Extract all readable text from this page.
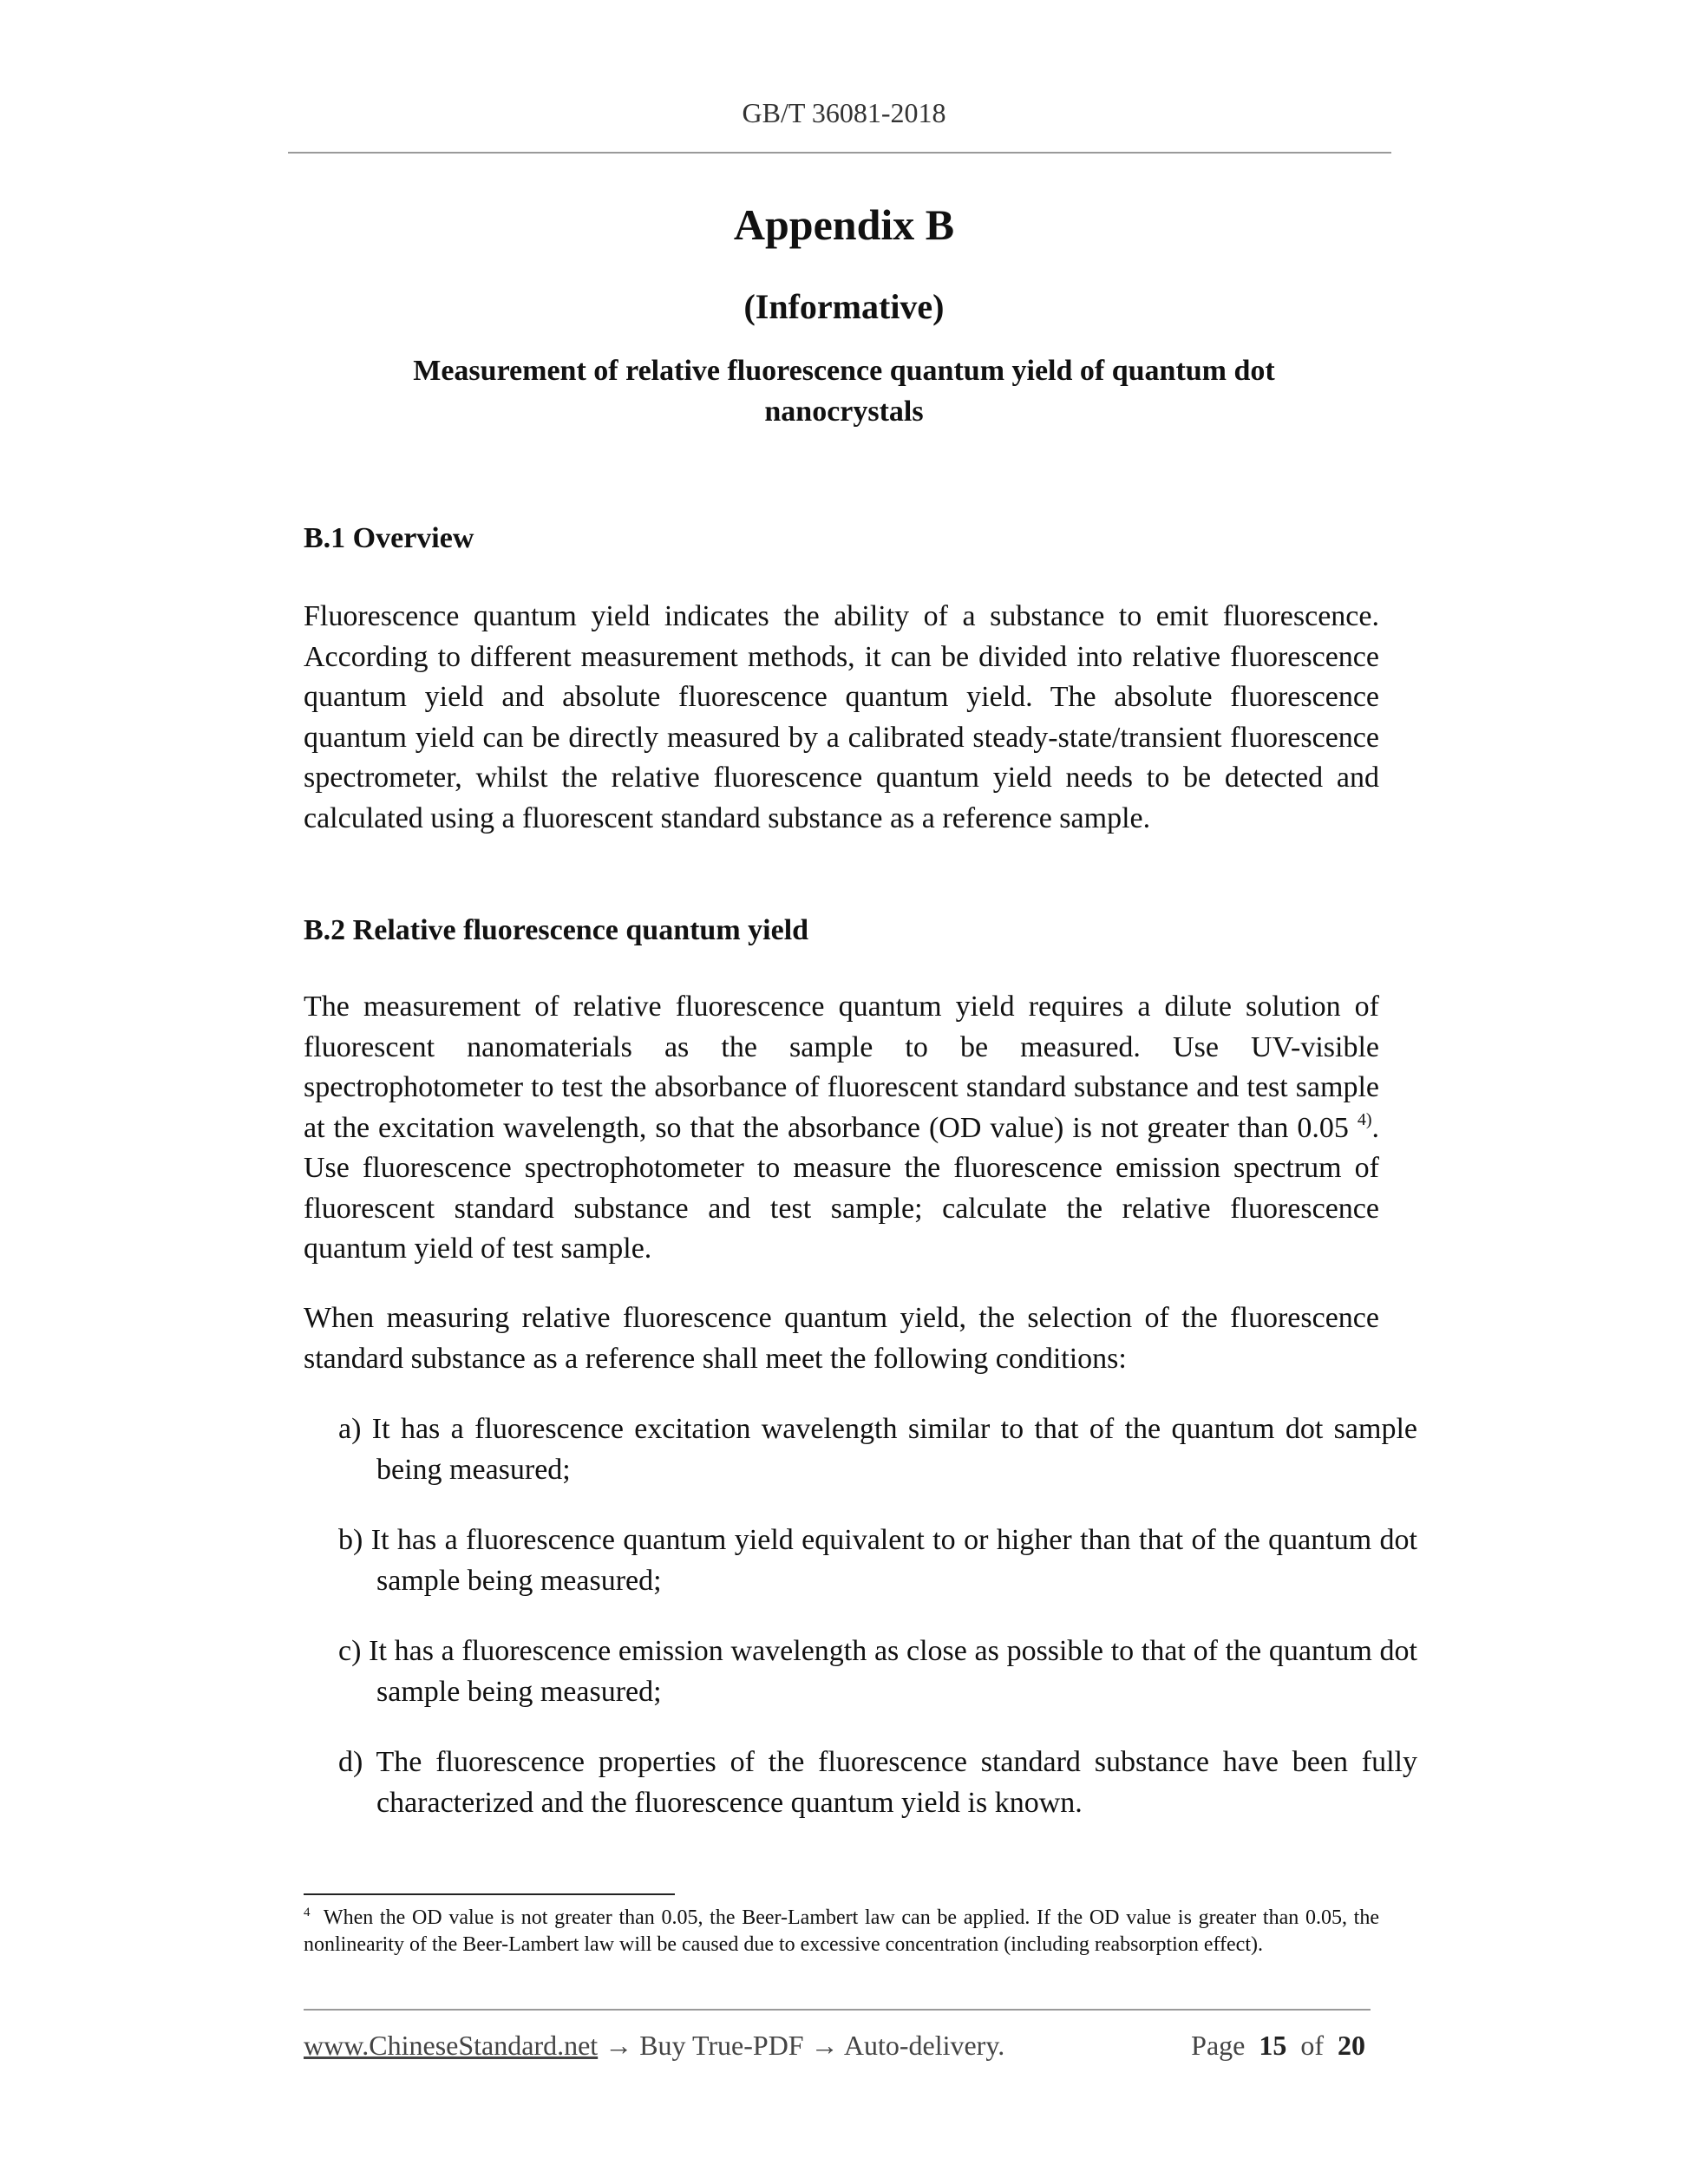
GB/T 36081-2018
Appendix B
(Informative)
Measurement of relative fluorescence quantum yield of quantum dot nanocrystals
B.1 Overview
Fluorescence quantum yield indicates the ability of a substance to emit fluorescence. According to different measurement methods, it can be divided into relative fluorescence quantum yield and absolute fluorescence quantum yield. The absolute fluorescence quantum yield can be directly measured by a calibrated steady-state/transient fluorescence spectrometer, whilst the relative fluorescence quantum yield needs to be detected and calculated using a fluorescent standard substance as a reference sample.
B.2 Relative fluorescence quantum yield
The measurement of relative fluorescence quantum yield requires a dilute solution of fluorescent nanomaterials as the sample to be measured. Use UV-visible spectrophotometer to test the absorbance of fluorescent standard substance and test sample at the excitation wavelength, so that the absorbance (OD value) is not greater than 0.05 $^{4)}$. Use fluorescence spectrophotometer to measure the fluorescence emission spectrum of fluorescent standard substance and test sample; calculate the relative fluorescence quantum yield of test sample.
When measuring relative fluorescence quantum yield, the selection of the fluorescence standard substance as a reference shall meet the following conditions:
a) It has a fluorescence excitation wavelength similar to that of the quantum dot sample being measured;
b) It has a fluorescence quantum yield equivalent to or higher than that of the quantum dot sample being measured;
c) It has a fluorescence emission wavelength as close as possible to that of the quantum dot sample being measured;
d) The fluorescence properties of the fluorescence standard substance have been fully characterized and the fluorescence quantum yield is known.
$^4$ When the OD value is not greater than 0.05, the Beer-Lambert law can be applied. If the OD value is greater than 0.05, the nonlinearity of the Beer-Lambert law will be caused due to excessive concentration (including reabsorption effect).
www.ChineseStandard.net → Buy True-PDF → Auto-delivery.	Page 15 of 20
